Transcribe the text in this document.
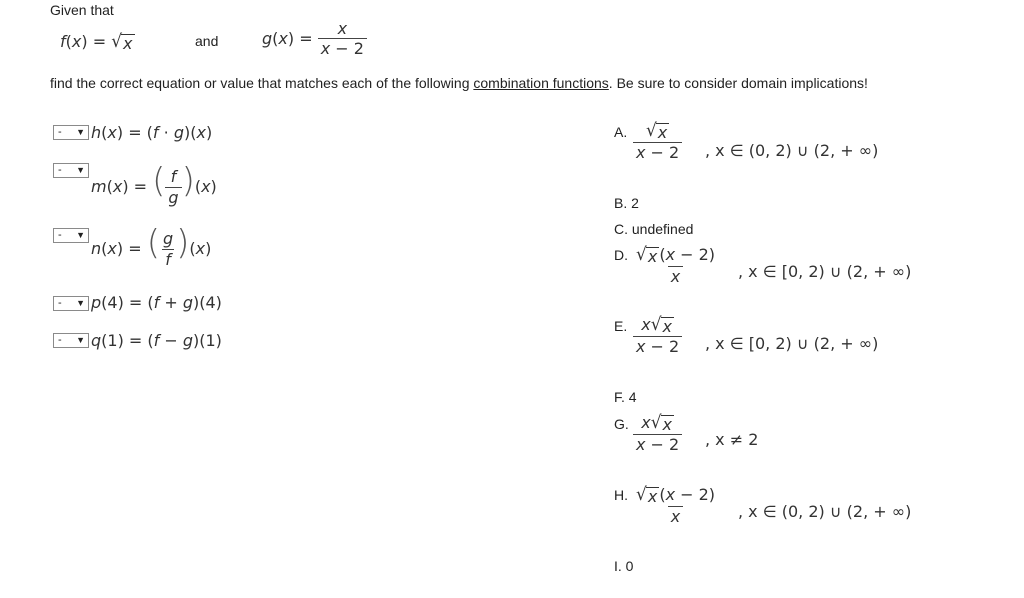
Given that
f(x) = √ x	and	$g(x) = \frac{x}{x - 2}$
find the correct equation or value that matches each of the following combination functions. Be sure to consider domain implications!
- ▼ h(x) = (f · g)(x)
- ▼
m(x) = ( $\frac{f}{g} )(x)$
- ▼
n(x) = ( $\frac{g}{f} )(x)$
- ▼ p(4) = (f + g)(4)
- ▼ q(1) = (f − g)(1)
A. $\frac{√ x}{x - 2}$ , x ∈ (0, 2) ∪ (2, + ∞)
B. 2
C. undefined
D. $\frac{√ x (x - 2)}{x}$ , x ∈ [0, 2) ∪ (2, + ∞)
E. $\frac{x √ x}{x - 2}$ , x ∈ [0, 2) ∪ (2, + ∞)
F. 4
G. $\frac{x √ x}{x - 2}$ , x ≠ 2
H. $\frac{√ x (x - 2)}{x}$ , x ∈ (0, 2) ∪ (2, + ∞)
I. 0
